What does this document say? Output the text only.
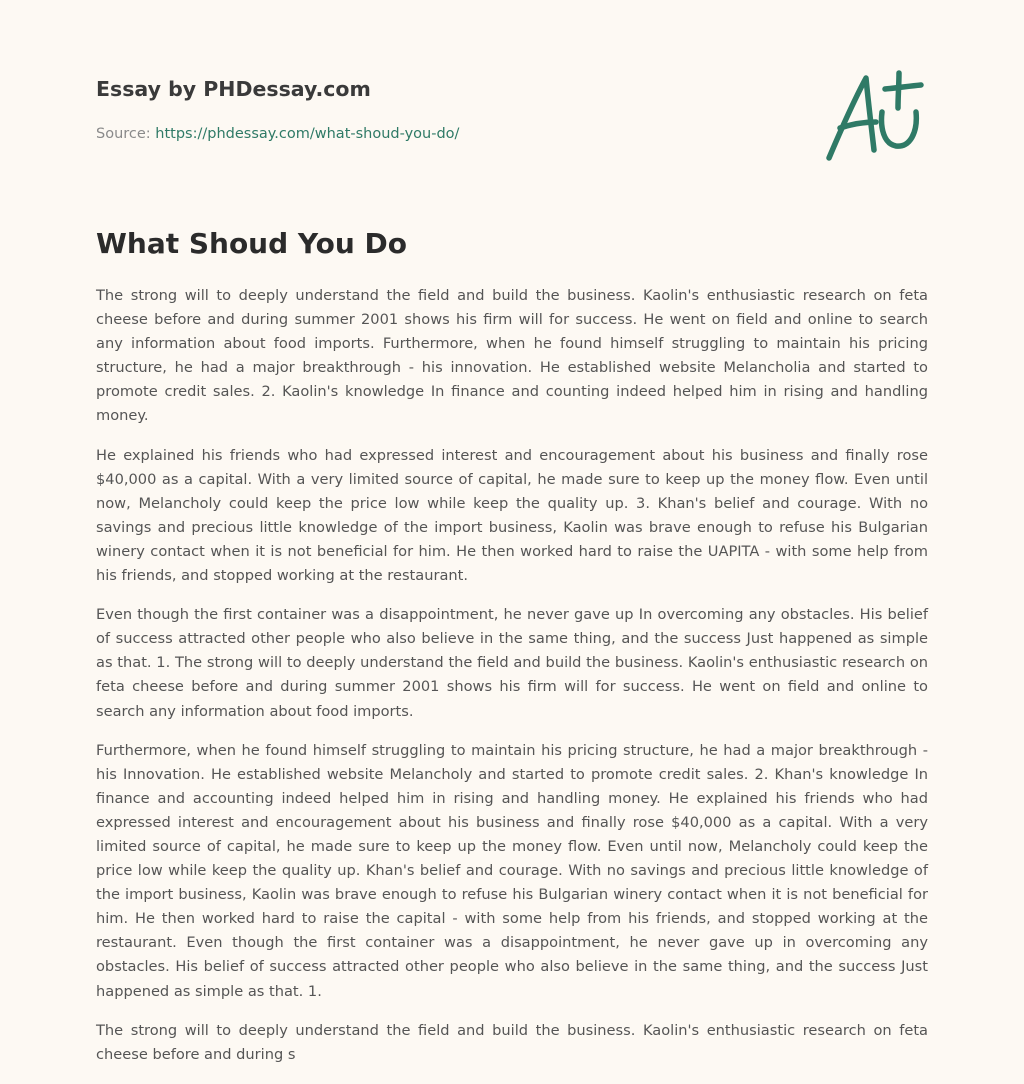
Essay by PHDessay.com
Source: https://phdessay.com/what-shoud-you-do/
What Shoud You Do

The strong will to deeply understand the field and build the business. Kaolin's enthusiastic research on feta cheese before and during summer 2001 shows his firm will for success. He went on field and online to search any information about food imports. Furthermore, when he found himself struggling to maintain his pricing structure, he had a major breakthrough - his innovation. He established website Melancholia and started to promote credit sales. 2. Kaolin's knowledge In finance and counting indeed helped him in rising and handling money.

He explained his friends who had expressed interest and encouragement about his business and finally rose $40,000 as a capital. With a very limited source of capital, he made sure to keep up the money flow. Even until now, Melancholy could keep the price low while keep the quality up. 3. Khan's belief and courage. With no savings and precious little knowledge of the import business, Kaolin was brave enough to refuse his Bulgarian winery contact when it is not beneficial for him. He then worked hard to raise the UAPITA - with some help from his friends, and stopped working at the restaurant.

Even though the first container was a disappointment, he never gave up In overcoming any obstacles. His belief of success attracted other people who also believe in the same thing, and the success Just happened as simple as that. 1. The strong will to deeply understand the field and build the business. Kaolin's enthusiastic research on feta cheese before and during summer 2001 shows his firm will for success. He went on field and online to search any information about food imports.

Furthermore, when he found himself struggling to maintain his pricing structure, he had a major breakthrough - his Innovation. He established website Melancholy and started to promote credit sales. 2. Khan's knowledge In finance and accounting indeed helped him in rising and handling money. He explained his friends who had expressed interest and encouragement about his business and finally rose $40,000 as a capital. With a very limited source of capital, he made sure to keep up the money flow. Even until now, Melancholy could keep the price low while keep the quality up. Khan's belief and courage. With no savings and precious little knowledge of the import business, Kaolin was brave enough to refuse his Bulgarian winery contact when it is not beneficial for him. He then worked hard to raise the capital - with some help from his friends, and stopped working at the restaurant. Even though the first container was a disappointment, he never gave up in overcoming any obstacles. His belief of success attracted other people who also believe in the same thing, and the success Just happened as simple as that. 1.

The strong will to deeply understand the field and build the business. Kaolin's enthusiastic research on feta cheese before and during s
